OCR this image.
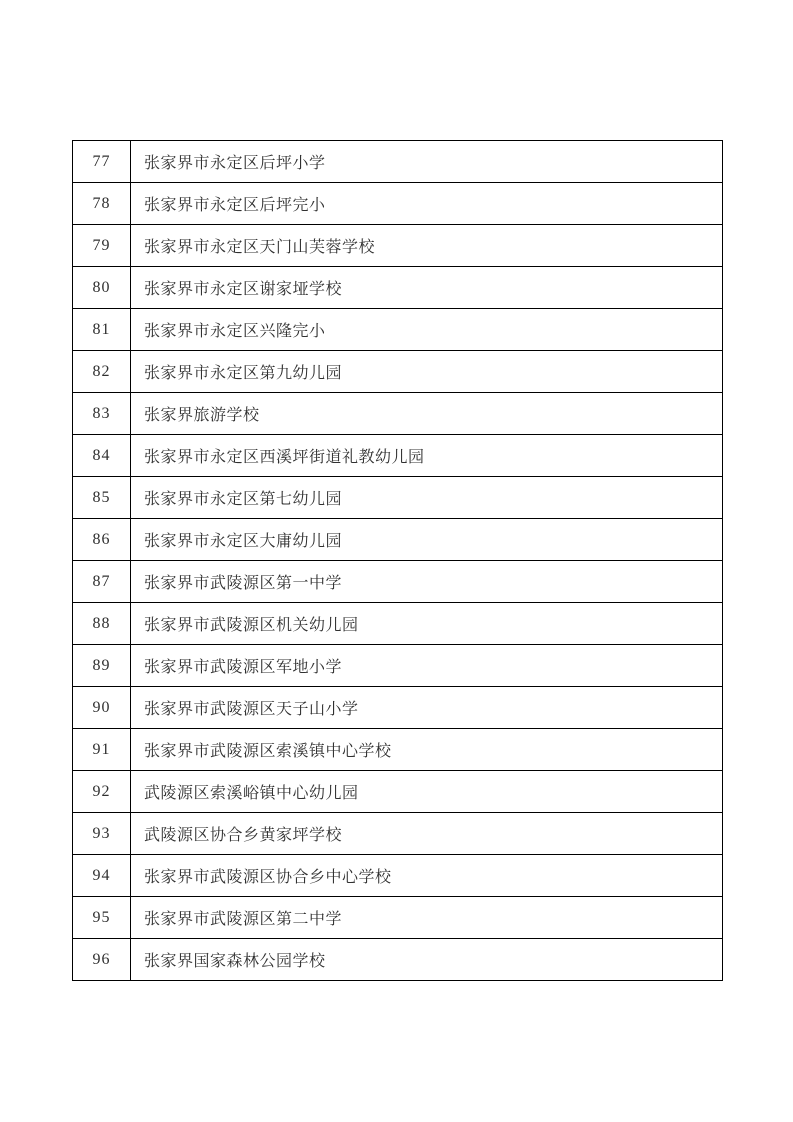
77	张家界市永定区后坪小学
78	张家界市永定区后坪完小
79	张家界市永定区天门山芙蓉学校
80	张家界市永定区谢家垭学校
81	张家界市永定区兴隆完小
82	张家界市永定区第九幼儿园
83	张家界旅游学校
84	张家界市永定区西溪坪街道礼教幼儿园
85	张家界市永定区第七幼儿园
86	张家界市永定区大庸幼儿园
87	张家界市武陵源区第一中学
88	张家界市武陵源区机关幼儿园
89	张家界市武陵源区军地小学
90	张家界市武陵源区天子山小学
91	张家界市武陵源区索溪镇中心学校
92	武陵源区索溪峪镇中心幼儿园
93	武陵源区协合乡黄家坪学校
94	张家界市武陵源区协合乡中心学校
95	张家界市武陵源区第二中学
96	张家界国家森林公园学校
